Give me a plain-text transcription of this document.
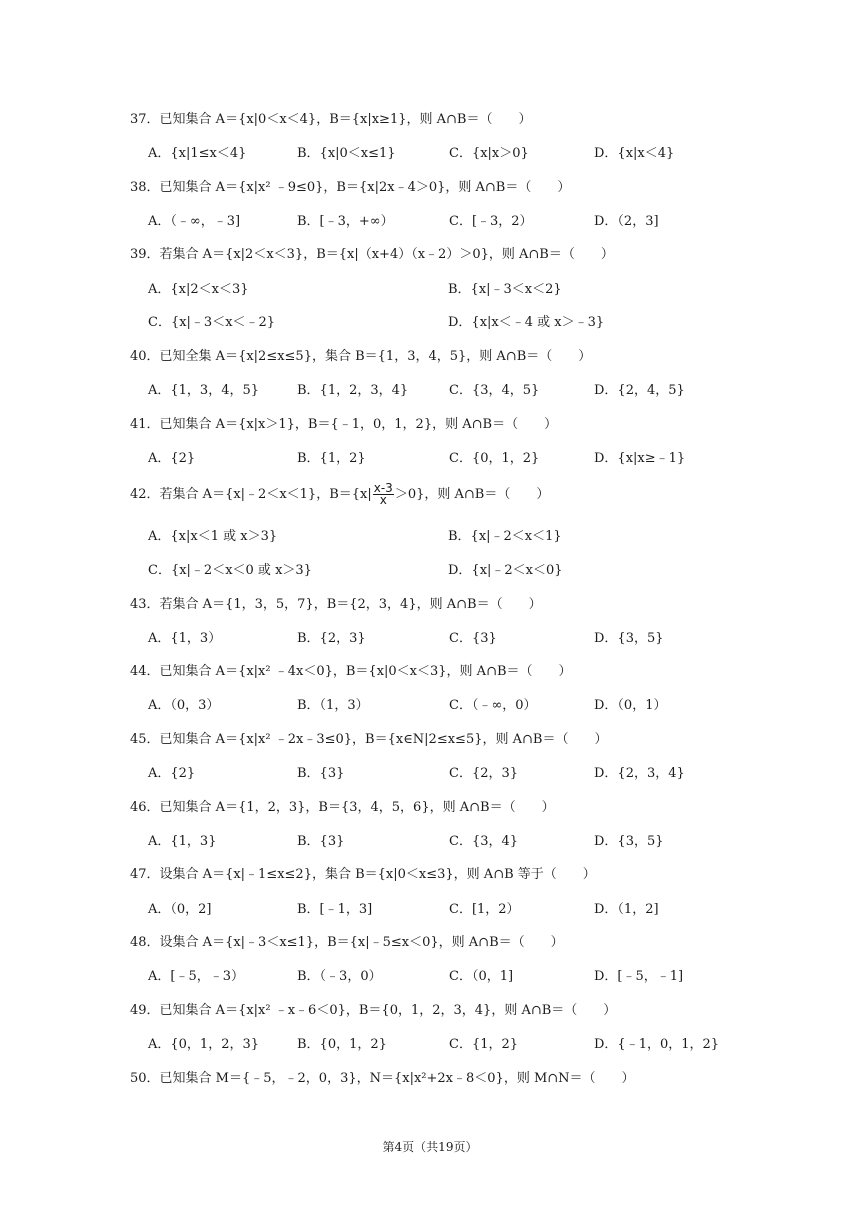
37．已知集合 A＝{x|0＜x＜4}，B＝{x|x≥1}，则 A∩B＝（　　）
A．{x|1≤x＜4}	B．{x|0＜x≤1}	C．{x|x＞0}	D．{x|x＜4}
38．已知集合 A＝{x|x² ﹣9≤0}，B＝{x|2x﹣4＞0}，则 A∩B＝（　　）
A．（﹣∞，﹣3]	B．[﹣3，+∞）	C．[﹣3，2）	D．（2，3]
39．若集合 A＝{x|2＜x＜3}，B＝{x|（x+4）（x﹣2）＞0}，则 A∩B＝（　　）
A．{x|2＜x＜3}	B．{x|﹣3＜x＜2}
C．{x|﹣3＜x＜﹣2}	D．{x|x＜﹣4 或 x＞﹣3}
40．已知全集 A＝{x|2≤x≤5}，集合 B＝{1，3，4，5}，则 A∩B＝（　　）
A．{1，3，4，5}	B．{1，2，3，4}	C．{3，4，5}	D．{2，4，5}
41．已知集合 A＝{x|x＞1}，B＝{﹣1，0，1，2}，则 A∩B＝（　　）
A．{2}	B．{1，2}	C．{0，1，2}	D．{x|x≥﹣1}
42．若集合 A＝{x|﹣2＜x＜1}，$B=\{x| \frac{x-3}{x} >0\}$，则 A∩B＝（　　）
A．{x|x＜1 或 x＞3}	B．{x|﹣2＜x＜1}
C．{x|﹣2＜x＜0 或 x＞3}	D．{x|﹣2＜x＜0}
43．若集合 A＝{1，3，5，7}，B＝{2，3，4}，则 A∩B＝（　　）
A．{1，3）	B．{2，3}	C．{3}	D．{3，5}
44．已知集合 A＝{x|x² ﹣4x＜0}，B＝{x|0＜x＜3}，则 A∩B＝（　　）
A．（0，3）	B．（1，3）	C．（﹣∞，0）	D．（0，1）
45．已知集合 A＝{x|x² ﹣2x﹣3≤0}，B＝{x∈N|2≤x≤5}，则 A∩B＝（　　）
A．{2}	B．{3}	C．{2，3}	D．{2，3，4}
46．已知集合 A＝{1，2，3}，B＝{3，4，5，6}，则 A∩B＝（　　）
A．{1，3}	B．{3}	C．{3，4}	D．{3，5}
47．设集合 A＝{x|﹣1≤x≤2}，集合 B＝{x|0＜x≤3}，则 A∩B 等于（　　）
A．（0，2]	B．[﹣1，3]	C．[1，2）	D．（1，2]
48．设集合 A＝{x|﹣3＜x≤1}，B＝{x|﹣5≤x＜0}，则 A∩B＝（　　）
A．[﹣5，﹣3）	B．（﹣3，0）	C．（0，1]	D．[﹣5，﹣1]
49．已知集合 A＝{x|x² ﹣x﹣6＜0}，B＝{0，1，2，3，4}，则 A∩B＝（　　）
A．{0，1，2，3}	B．{0，1，2}	C．{1，2}	D．{﹣1，0，1，2}
50．已知集合 M＝{﹣5，﹣2，0，3}，N＝{x|x²+2x﹣8＜0}，则 M∩N＝（　　）
第4页（共19页）
